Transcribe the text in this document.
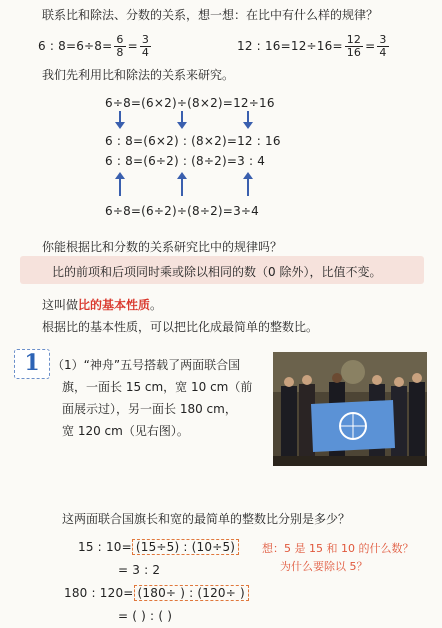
联系比和除法、分数的关系，想一想：在比中有什么样的规律？
6 : $8=6\div 8= \frac{6}{8} = \frac{3}{4}$	12 : $16=12\div 16= \frac{12}{16} = \frac{3}{4}$
我们先利用比和除法的关系来研究。
6÷8=(6×2)÷(8×2)=12÷16
6 : 8=(6×2) : (8×2)=12 : 16
6 : 8=(6÷2) : (8÷2)=3 : 4
6÷8=(6÷2)÷(8÷2)=3÷4
你能根据比和分数的关系研究比中的规律吗？
比的前项和后项同时乘或除以相同的数（0 除外），比值不变。
这叫做比的基本性质。
根据比的基本性质，可以把比化成最简单的整数比。
1	（1）“神舟”五号搭载了两面联合国
旗，一面长 15 cm，宽 10 cm（前
面展示过），另一面长 180 cm，
宽 120 cm（见右图）。
这两面联合国旗长和宽的最简单的整数比分别是多少？
15 : 10= (15÷5) : (10÷5)
= 3 : 2
180 : 120= (180÷ ) : (120÷ )
= ( ) : ( )
想：5 是 15 和 10 的什么数？
为什么要除以 5？
